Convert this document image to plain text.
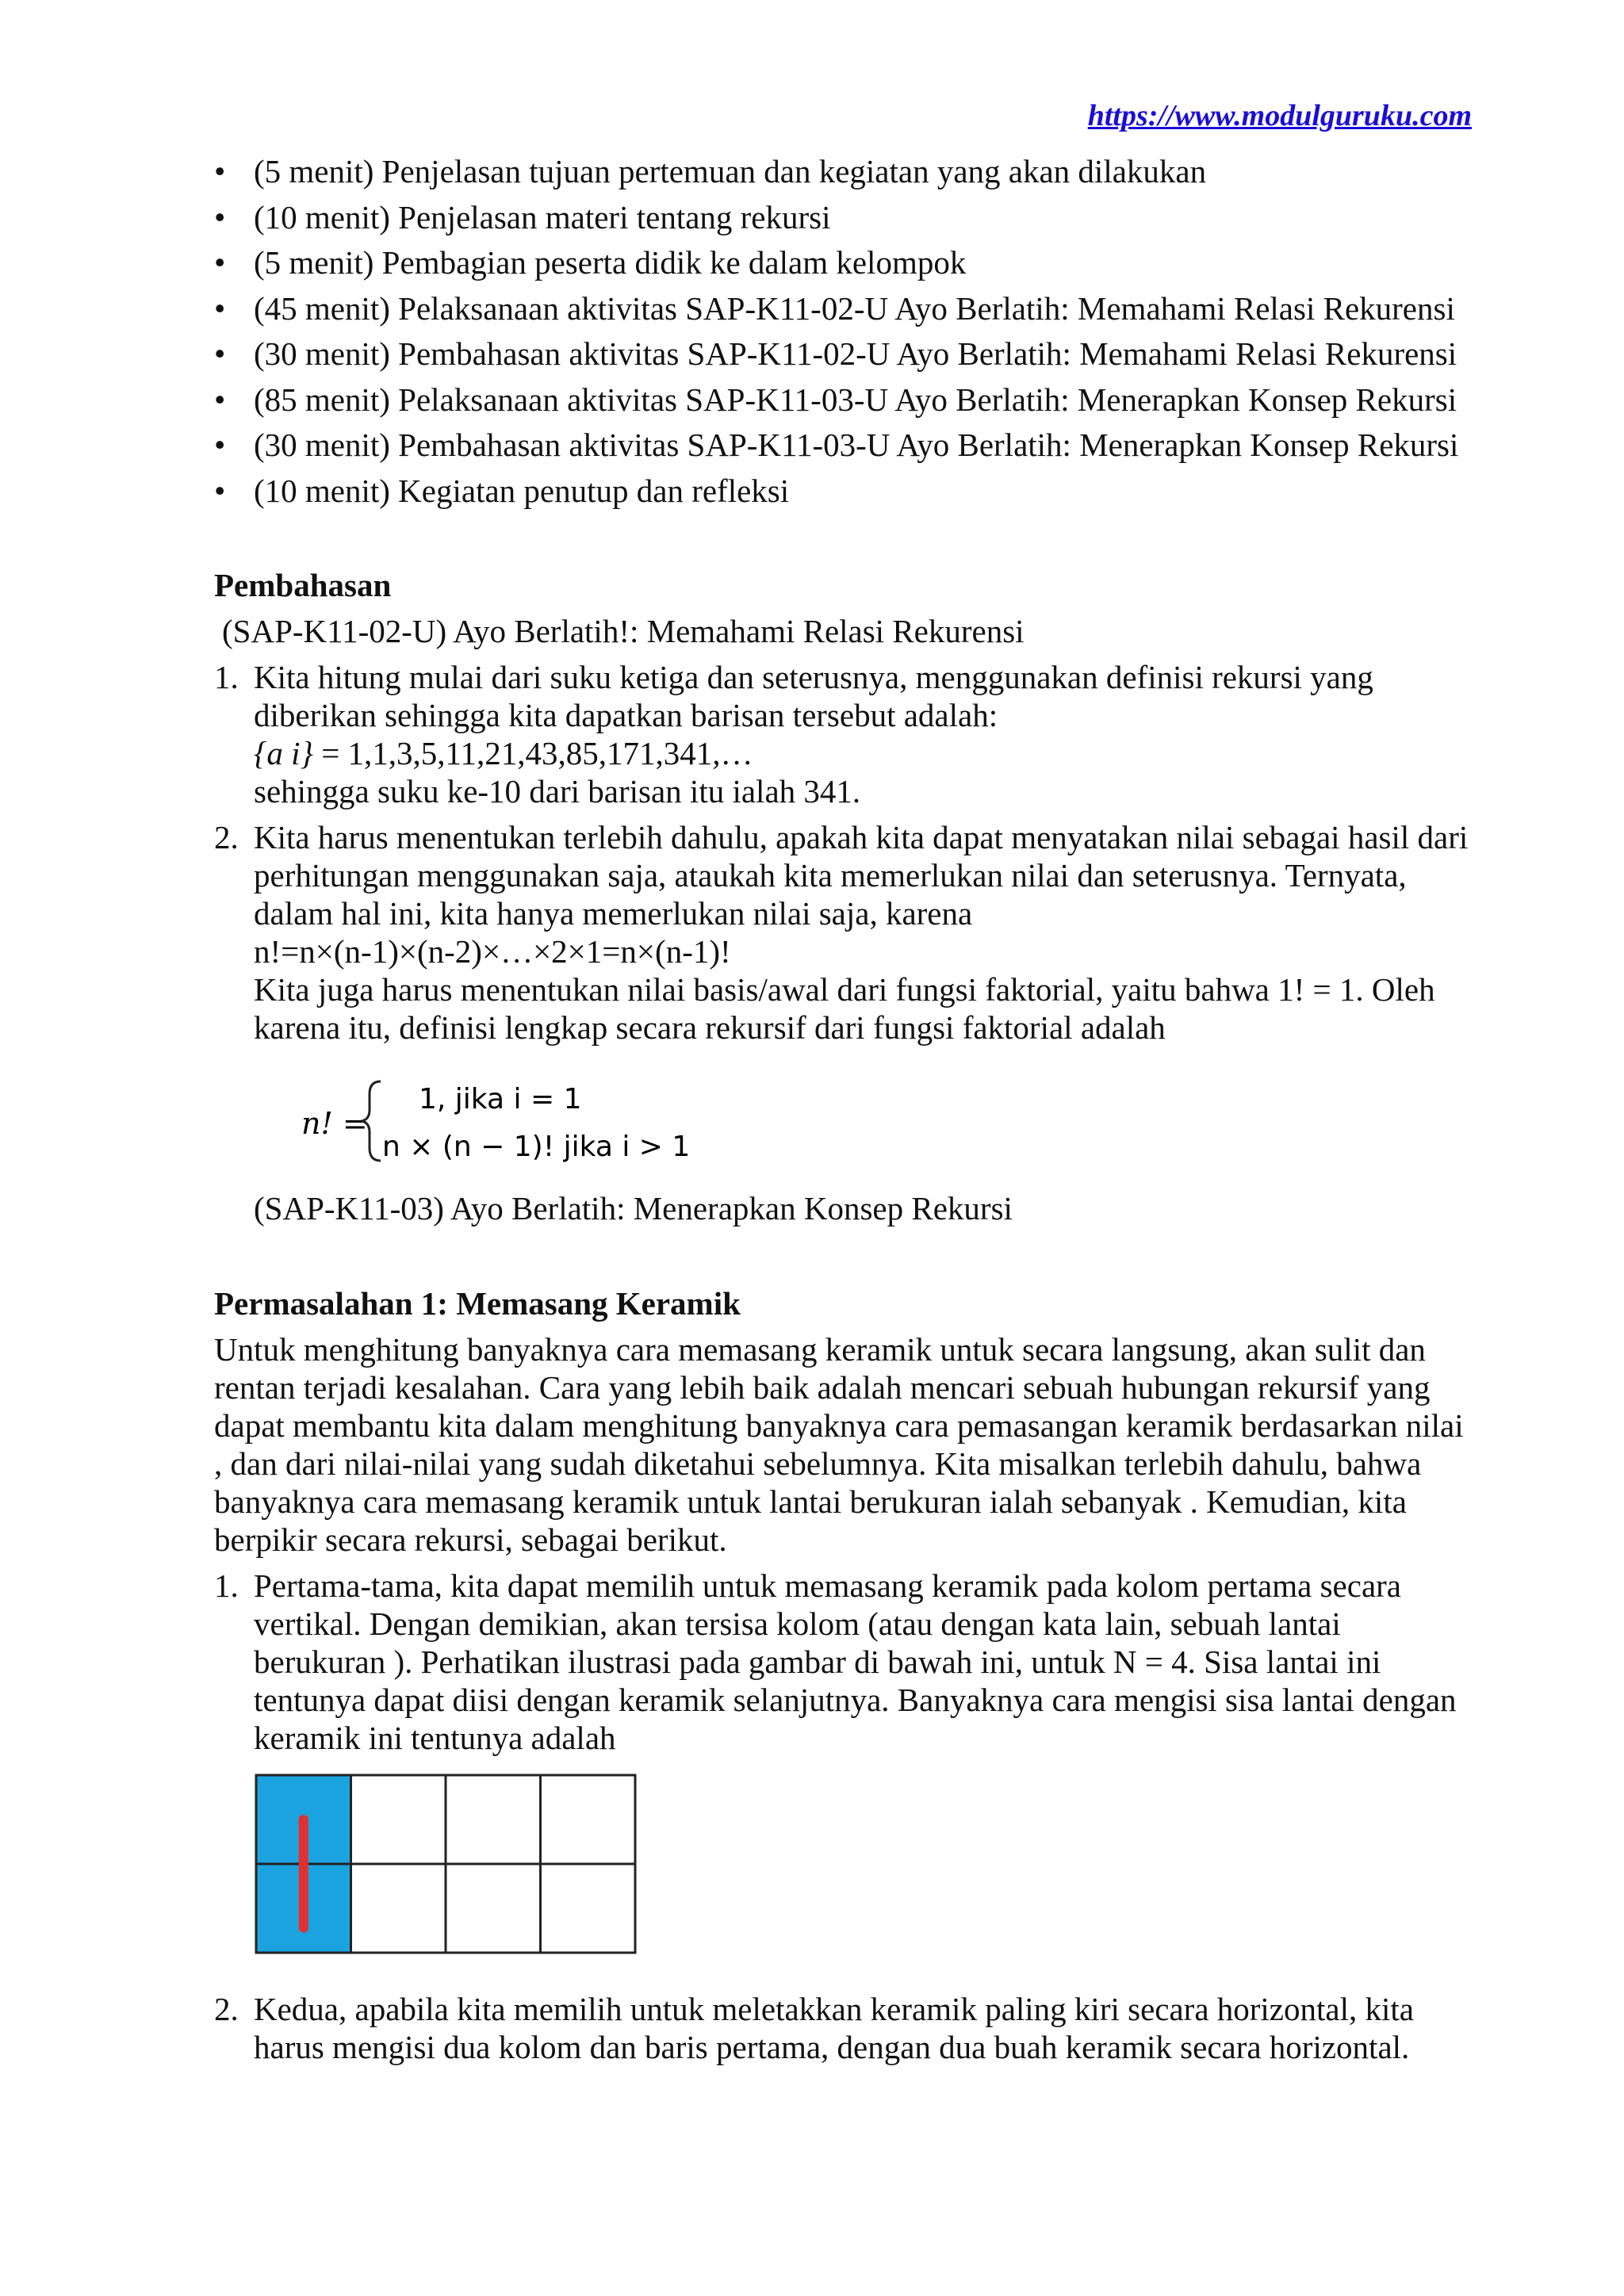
https://www.modulguruku.com
• (5 menit) Penjelasan tujuan pertemuan dan kegiatan yang akan dilakukan
• (10 menit) Penjelasan materi tentang rekursi
• (5 menit) Pembagian peserta didik ke dalam kelompok
• (45 menit) Pelaksanaan aktivitas SAP-K11-02-U Ayo Berlatih: Memahami Relasi Rekurensi
• (30 menit) Pembahasan aktivitas SAP-K11-02-U Ayo Berlatih: Memahami Relasi Rekurensi
• (85 menit) Pelaksanaan aktivitas SAP-K11-03-U Ayo Berlatih: Menerapkan Konsep Rekursi
• (30 menit) Pembahasan aktivitas SAP-K11-03-U Ayo Berlatih: Menerapkan Konsep Rekursi
• (10 menit) Kegiatan penutup dan refleksi
Pembahasan
(SAP-K11-02-U) Ayo Berlatih!: Memahami Relasi Rekurensi
1. Kita hitung mulai dari suku ketiga dan seterusnya, menggunakan definisi rekursi yang diberikan sehingga kita dapatkan barisan tersebut adalah:

{a i} = 1,1,3,5,11,21,43,85,171,341,…

sehingga suku ke-10 dari barisan itu ialah 341.

2. Kita harus menentukan terlebih dahulu, apakah kita dapat menyatakan nilai sebagai hasil dari perhitungan menggunakan saja, ataukah kita memerlukan nilai dan seterusnya. Ternyata, dalam hal ini, kita hanya memerlukan nilai saja, karena

n!=n×(n-1)×(n-2)×…×2×1=n×(n-1)!

Kita juga harus menentukan nilai basis/awal dari fungsi faktorial, yaitu bahwa 1! = 1. Oleh karena itu, definisi lengkap secara rekursif dari fungsi faktorial adalah

n! =
1, jika i = 1
n × (n − 1)! jika i > 1

(SAP-K11-03) Ayo Berlatih: Menerapkan Konsep Rekursi

Permasalahan 1: Memasang Keramik

Untuk menghitung banyaknya cara memasang keramik untuk secara langsung, akan sulit dan rentan terjadi kesalahan. Cara yang lebih baik adalah mencari sebuah hubungan rekursif yang dapat membantu kita dalam menghitung banyaknya cara pemasangan keramik berdasarkan nilai , dan dari nilai-nilai yang sudah diketahui sebelumnya. Kita misalkan terlebih dahulu, bahwa banyaknya cara memasang keramik untuk lantai berukuran ialah sebanyak . Kemudian, kita berpikir secara rekursi, sebagai berikut.

1. Pertama-tama, kita dapat memilih untuk memasang keramik pada kolom pertama secara vertikal. Dengan demikian, akan tersisa kolom (atau dengan kata lain, sebuah lantai berukuran ). Perhatikan ilustrasi pada gambar di bawah ini, untuk N = 4. Sisa lantai ini tentunya dapat diisi dengan keramik selanjutnya. Banyaknya cara mengisi sisa lantai dengan keramik ini tentunya adalah

2. Kedua, apabila kita memilih untuk meletakkan keramik paling kiri secara horizontal, kita harus mengisi dua kolom dan baris pertama, dengan dua buah keramik secara horizontal.
